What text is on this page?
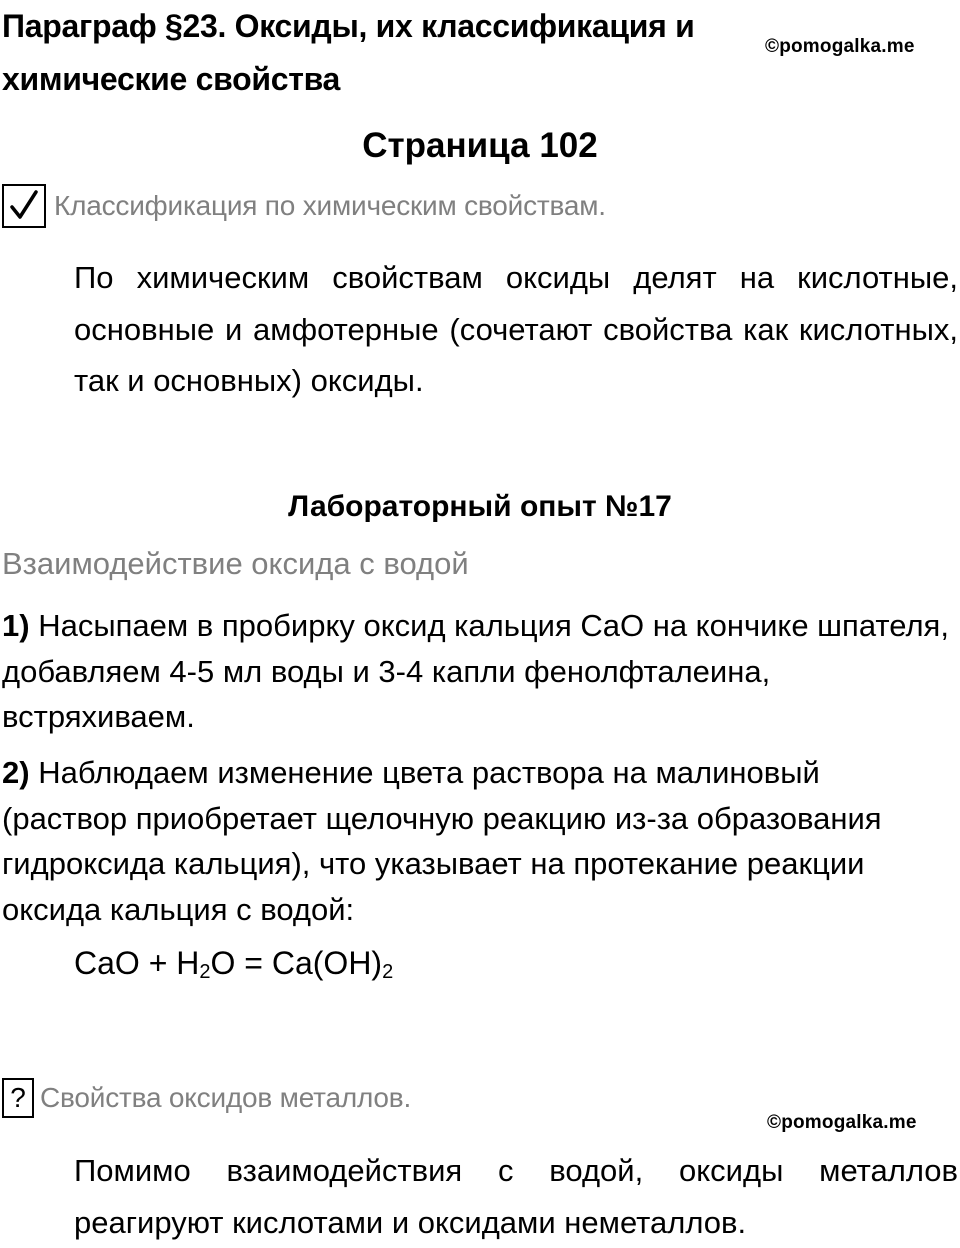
Параграф §23. Оксиды, их классификация и химические свойства
©pomogalka.me
Страница 102
Классификация по химическим свойствам.
По химическим свойствам оксиды делят на кислотные, основные и амфотерные (сочетают свойства как кислотных, так и основных) оксиды.
Лабораторный опыт №17
Взаимодействие оксида с водой
1) Насыпаем в пробирку оксид кальция CaO на кончике шпателя, добавляем 4-5 мл воды и 3-4 капли фенолфталеина, встряхиваем.
2) Наблюдаем изменение цвета раствора на малиновый (раствор приобретает щелочную реакцию из-за образования гидроксида кальция), что указывает на протекание реакции оксида кальция с водой:
CaO + $H_2O = Ca(OH)_2$
? Свойства оксидов металлов.
©pomogalka.me
Помимо взаимодействия с водой, оксиды металлов реагируют кислотами и оксидами неметаллов.
